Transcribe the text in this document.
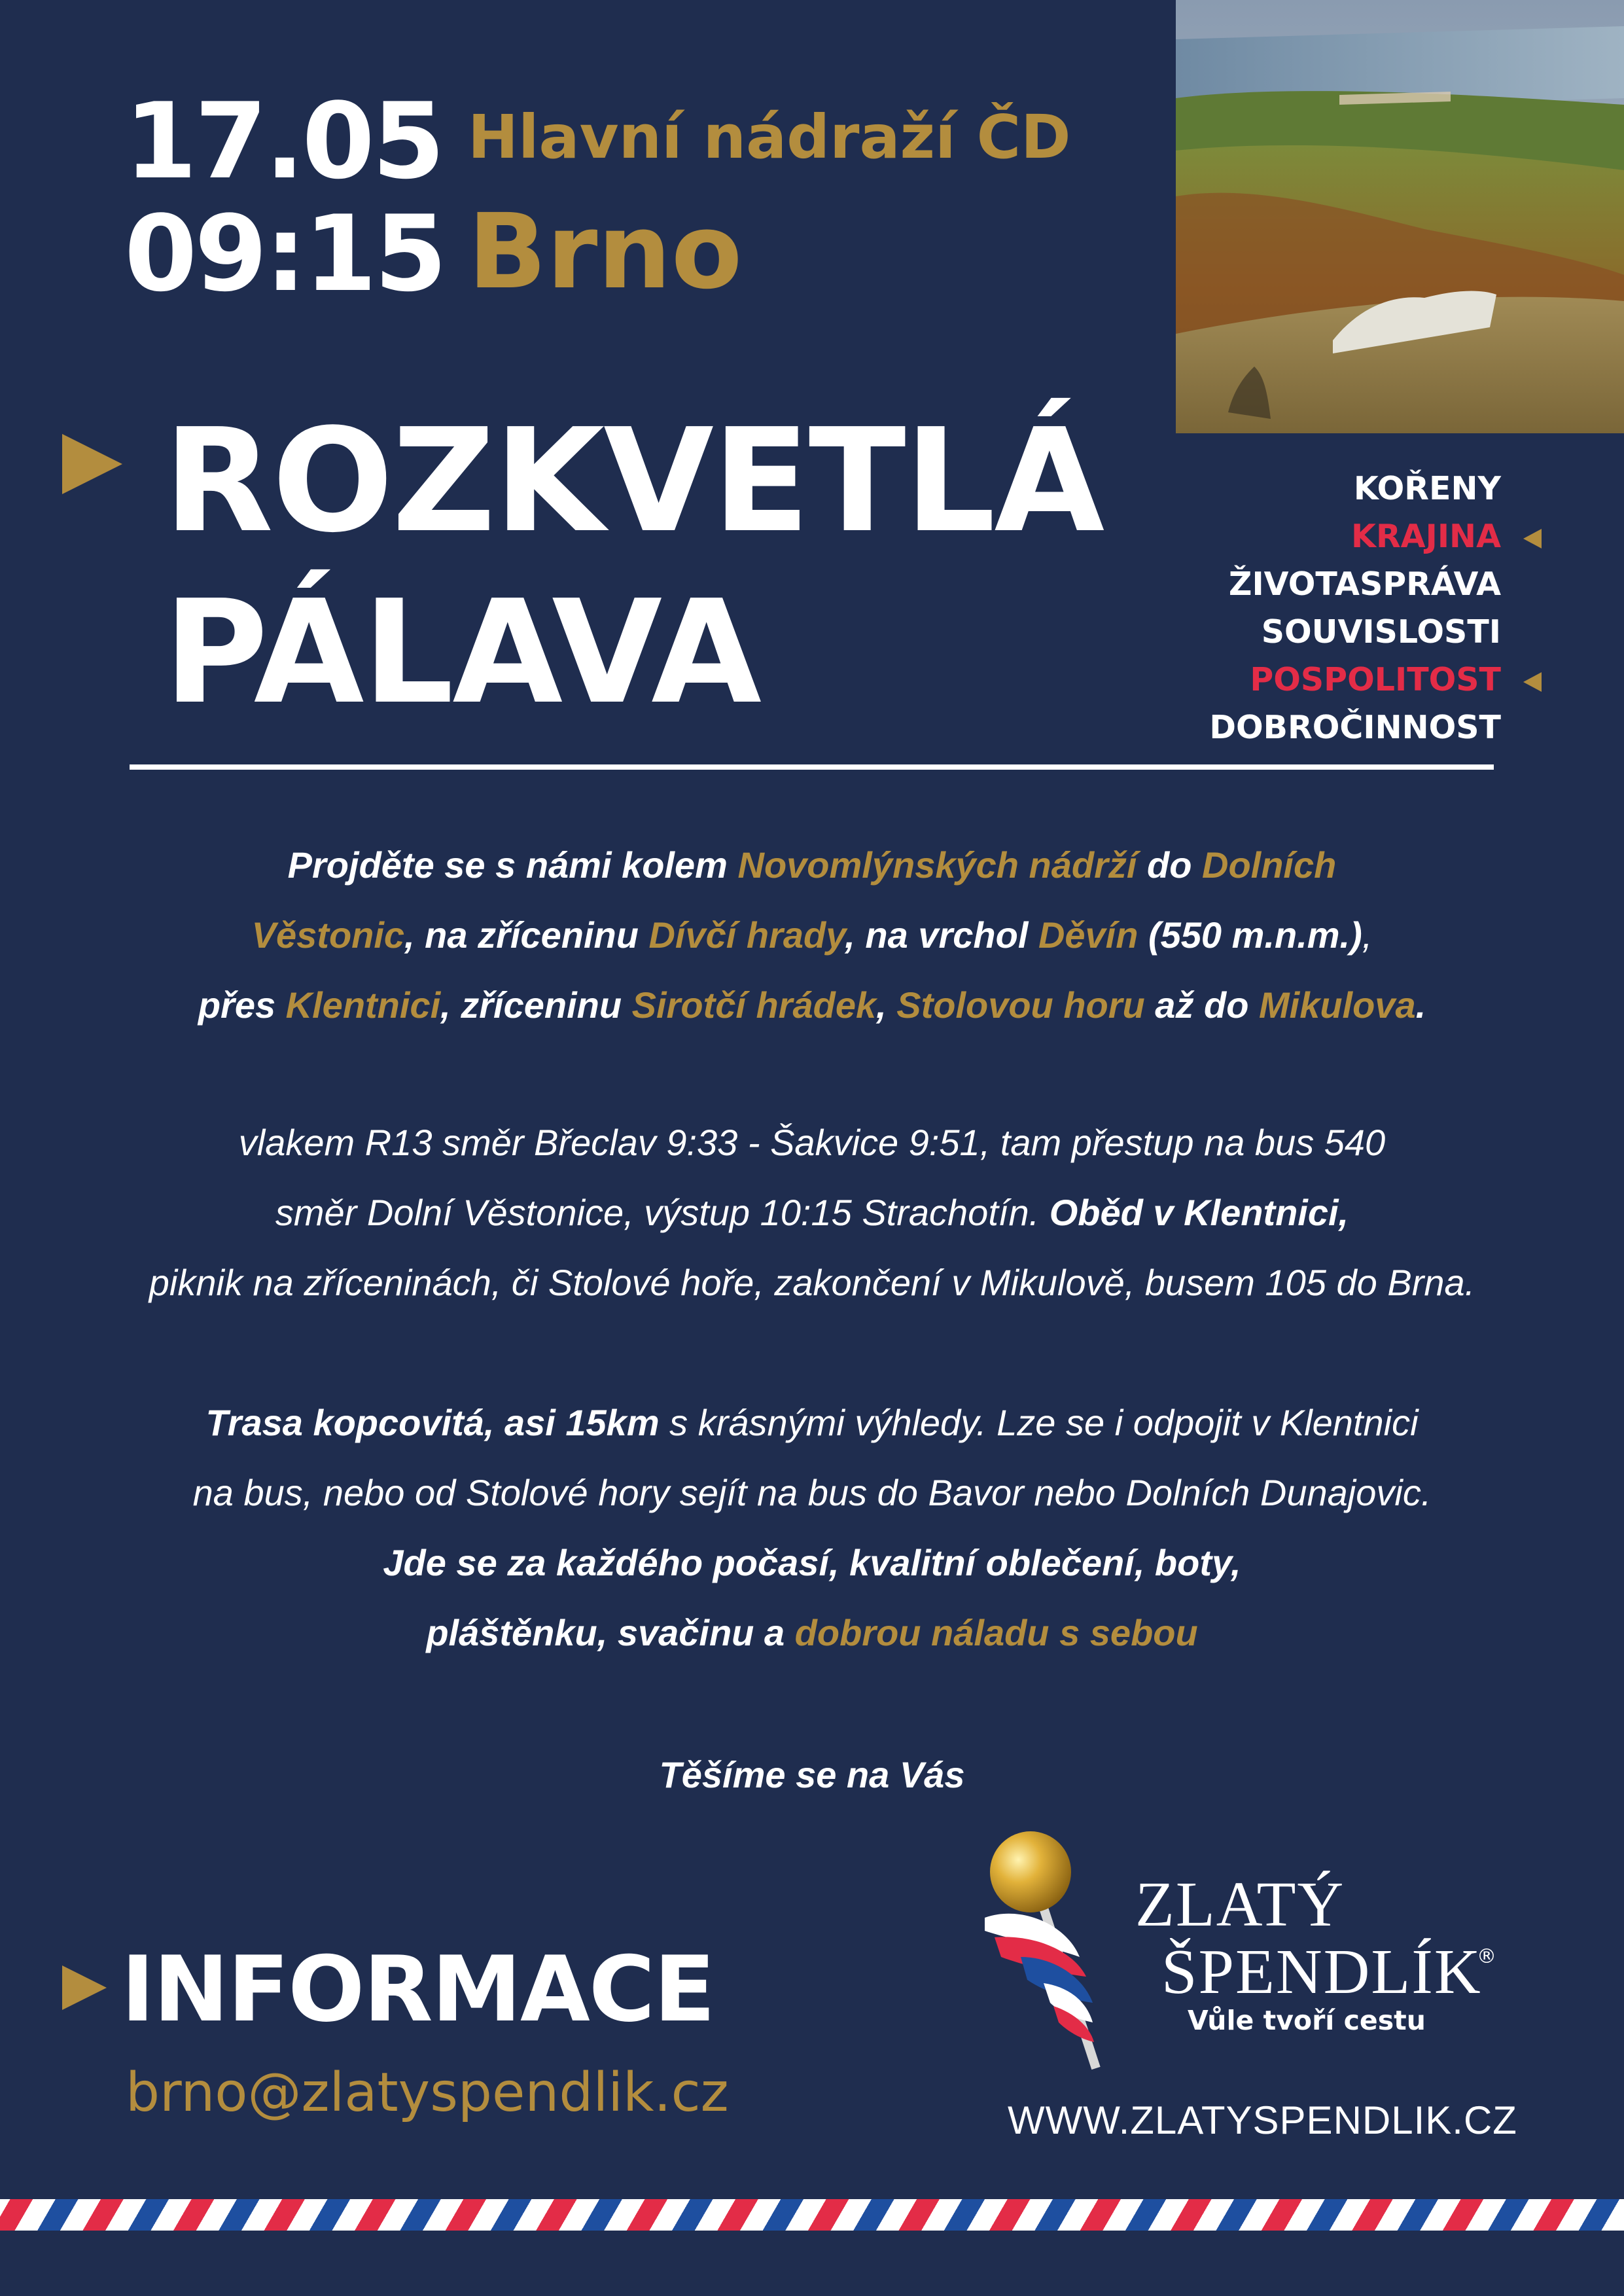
17.05
09:15
Hlavní nádraží ČD
Brno
ROZKVETLÁ
PÁLAVA
KOŘENY
KRAJINA
ŽIVOTASPRÁVA
SOUVISLOSTI
POSPOLITOST
DOBROČINNOST
Projděte se s námi kolem Novomlýnských nádrží do Dolních
Věstonic, na zříceninu Dívčí hrady, na vrchol Děvín (550 m.n.m.),
přes Klentnici, zříceninu Sirotčí hrádek, Stolovou horu až do Mikulova.
vlakem R13 směr Břeclav 9:33 - Šakvice 9:51, tam přestup na bus 540
směr Dolní Věstonice, výstup 10:15 Strachotín. Oběd v Klentnici,
piknik na zříceninách, či Stolové hoře, zakončení v Mikulově, busem 105 do Brna.
Trasa kopcovitá, asi 15km s krásnými výhledy. Lze se i odpojit v Klentnici
na bus, nebo od Stolové hory sejít na bus do Bavor nebo Dolních Dunajovic.
Jde se za každého počasí, kvalitní oblečení, boty,
pláštěnku, svačinu a dobrou náladu s sebou
Těšíme se na Vás
INFORMACE
brno@zlatyspendlik.cz
ZLATÝ
ŠPENDLÍK
®
Vůle tvoří cestu
WWW.ZLATYSPENDLIK.CZ
